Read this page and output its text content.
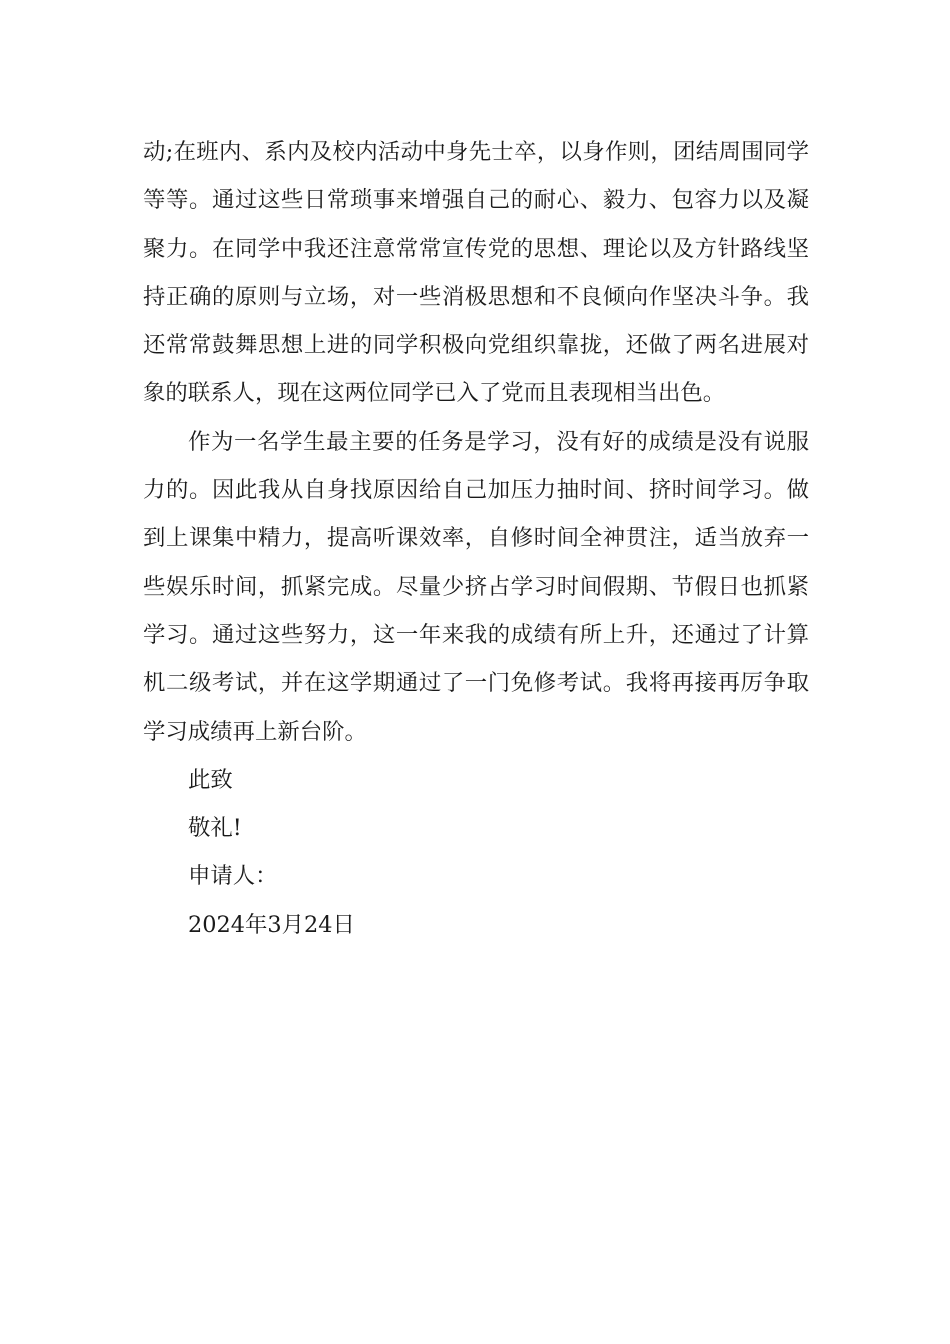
动;在班内、系内及校内活动中身先士卒，以身作则，团结周围同学等等。通过这些日常琐事来增强自己的耐心、毅力、包容力以及凝聚力。在同学中我还注意常常宣传党的思想、理论以及方针路线坚持正确的原则与立场，对一些消极思想和不良倾向作坚决斗争。我还常常鼓舞思想上进的同学积极向党组织靠拢，还做了两名进展对象的联系人，现在这两位同学已入了党而且表现相当出色。

作为一名学生最主要的任务是学习，没有好的成绩是没有说服力的。因此我从自身找原因给自己加压力抽时间、挤时间学习。做到上课集中精力，提高听课效率，自修时间全神贯注，适当放弃一些娱乐时间，抓紧完成。尽量少挤占学习时间假期、节假日也抓紧学习。通过这些努力，这一年来我的成绩有所上升，还通过了计算机二级考试，并在这学期通过了一门免修考试。我将再接再厉争取学习成绩再上新台阶。

此致
敬礼!
申请人：
2024年3月24日
